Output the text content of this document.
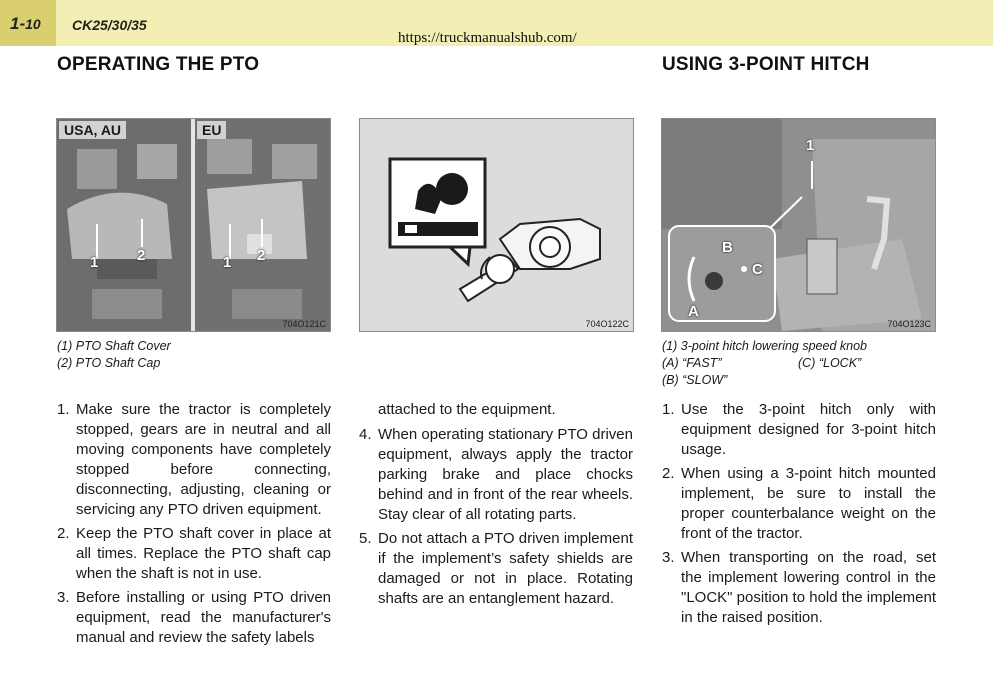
1-10 CK25/30/35
https://truckmanualshub.com/
OPERATING THE PTO	USING 3-POINT HITCH
USA, AU	EU
1	2	1 2
704O121C	704O122C
1
B
C
A
704O123C
(1) PTO Shaft Cover
(2) PTO Shaft Cap
(1) 3-point hitch lowering speed knob
(A) “FAST”	(C) “LOCK”
(B) “SLOW”
1. Make sure the tractor is completely stopped, gears are in neutral and all moving components have completely stopped before connecting, disconnecting, adjusting, cleaning or servicing any PTO driven equipment.
2. Keep the PTO shaft cover in place at all times. Replace the PTO shaft cap when the shaft is not in use.
3. Before installing or using PTO driven equipment, read the manufacturer's manual and review the safety labels
attached to the equipment.
4. When operating stationary PTO driven equipment, always apply the tractor parking brake and place chocks behind and in front of the rear wheels. Stay clear of all rotating parts.
5. Do not attach a PTO driven implement if the implement’s safety shields are damaged or not in place. Rotating shafts are an entanglement hazard.
1. Use the 3-point hitch only with equipment designed for 3-point hitch usage.
2. When using a 3-point hitch mounted implement, be sure to install the proper counterbalance weight on the front of the tractor.
3. When transporting on the road, set the implement lowering control in the "LOCK" position to hold the implement in the raised position.
